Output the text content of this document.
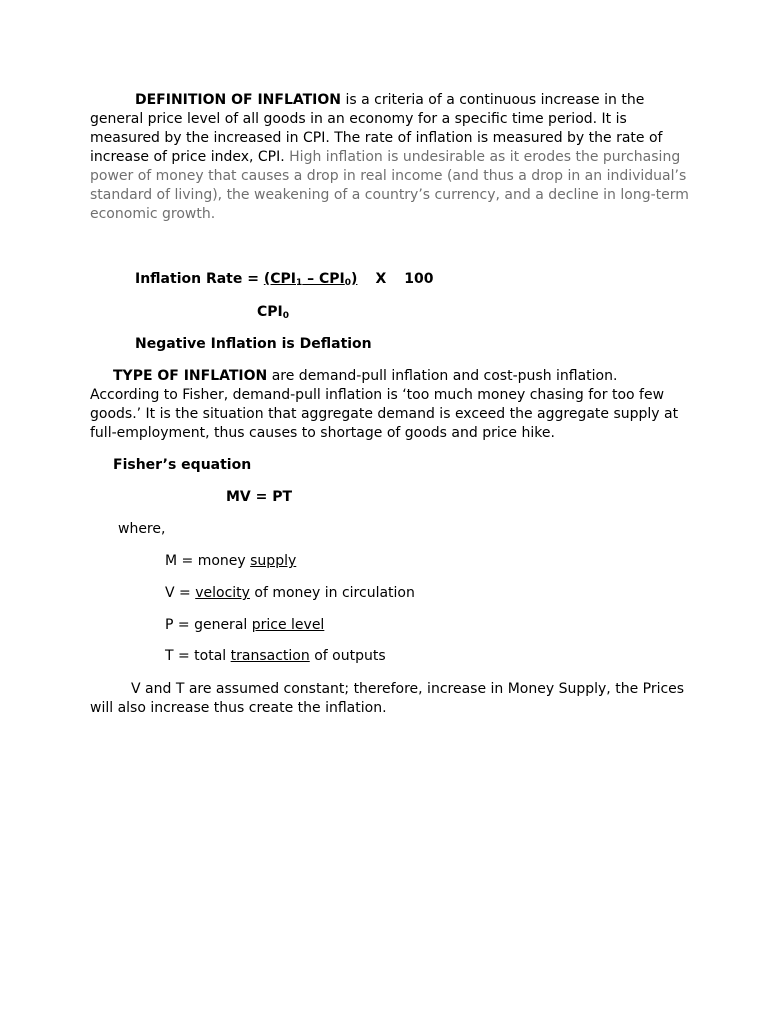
DEFINITION OF INFLATION is a criteria of a continuous increase in the general price level of all goods in an economy for a specific time period. It is measured by the increased in CPI. The rate of inflation is measured by the rate of increase of price index, CPI. High inflation is undesirable as it erodes the purchasing power of money that causes a drop in real income (and thus a drop in an individual’s standard of living), the weakening of a country’s currency, and a decline in long-term economic growth.
Inflation Rate = $(CPI_1 - CPI_0)$ X 100
$CPI_0$
Negative Inflation is Deflation
TYPE OF INFLATION are demand-pull inflation and cost-push inflation. According to Fisher, demand-pull inflation is ‘too much money chasing for too few goods.’ It is the situation that aggregate demand is exceed the aggregate supply at full-employment, thus causes to shortage of goods and price hike.
Fisher’s equation
MV = PT
where,
M = money supply
V = velocity of money in circulation
P = general price level
T = total transaction of outputs
V and T are assumed constant; therefore, increase in Money Supply, the Prices will also increase thus create the inflation.
